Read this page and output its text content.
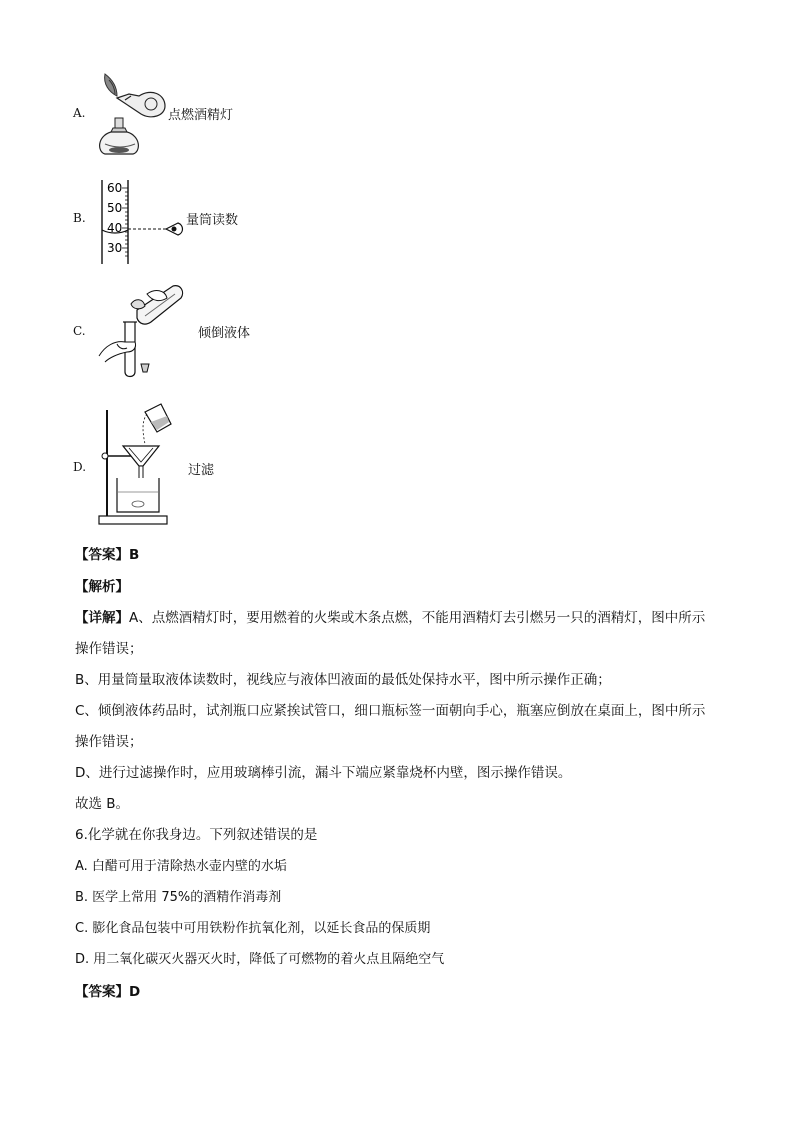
A.	点燃酒精灯
B.
60
50
40
30
量筒读数
C.	倾倒液体
D.	过滤
【答案】B
【解析】
【详解】A、点燃酒精灯时，要用燃着的火柴或木条点燃，不能用酒精灯去引燃另一只的酒精灯，图中所示
操作错误；
B、用量筒量取液体读数时，视线应与液体凹液面的最低处保持水平，图中所示操作正确；
C、倾倒液体药品时，试剂瓶口应紧挨试管口，细口瓶标签一面朝向手心，瓶塞应倒放在桌面上，图中所示
操作错误；
D、进行过滤操作时，应用玻璃棒引流，漏斗下端应紧靠烧杯内壁，图示操作错误。
故选 B。
6.化学就在你我身边。下列叙述错误的是
A. 白醋可用于清除热水壶内壁的水垢
B. 医学上常用 75%的酒精作消毒剂
C. 膨化食品包装中可用铁粉作抗氧化剂，以延长食品的保质期
D. 用二氧化碳灭火器灭火时，降低了可燃物的着火点且隔绝空气
【答案】D
